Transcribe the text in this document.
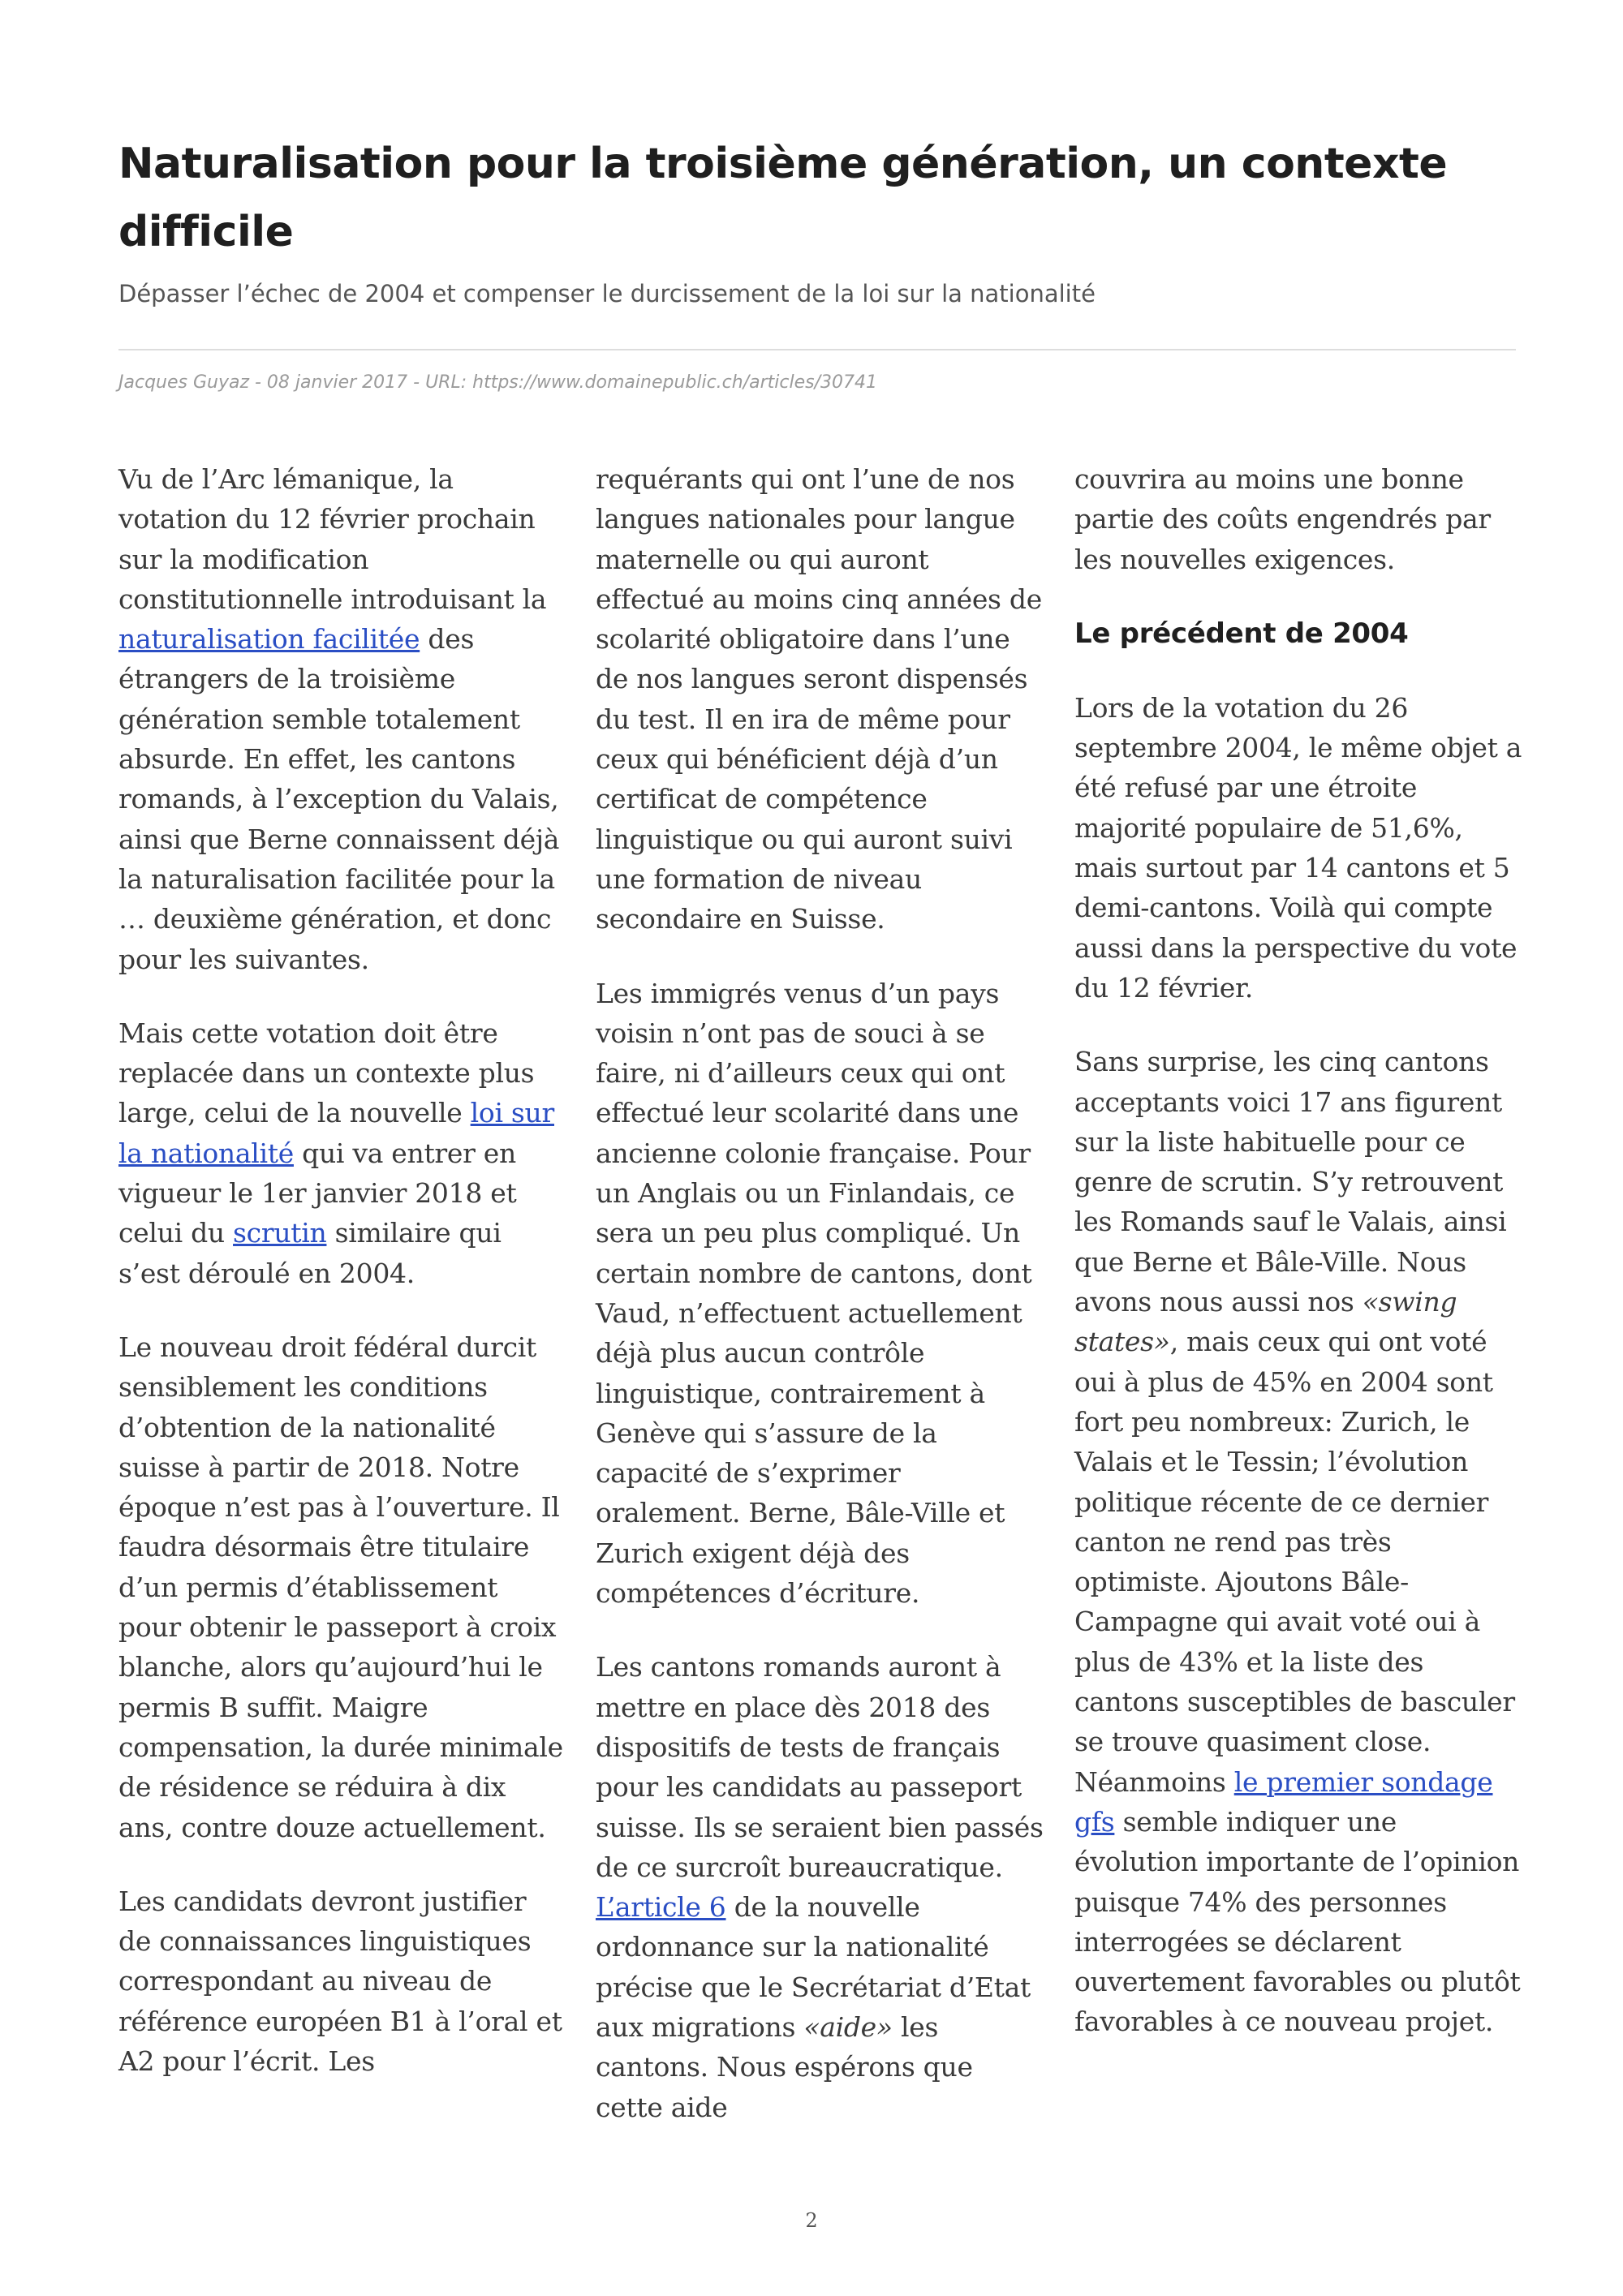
Naturalisation pour la troisième génération, un contexte difficile

Dépasser l’échec de 2004 et compenser le durcissement de la loi sur la nationalité

Jacques Guyaz - 08 janvier 2017 - URL: https://www.domainepublic.ch/articles/30741

Vu de l’Arc lémanique, la votation du 12 février prochain sur la modification constitutionnelle introduisant la naturalisation facilitée des étrangers de la troisième génération semble totalement absurde. En effet, les cantons romands, à l’exception du Valais, ainsi que Berne connaissent déjà la naturalisation facilitée pour la … deuxième génération, et donc pour les suivantes.

Mais cette votation doit être replacée dans un contexte plus large, celui de la nouvelle loi sur la nationalité qui va entrer en vigueur le 1er janvier 2018 et celui du scrutin similaire qui s’est déroulé en 2004.

Le nouveau droit fédéral durcit sensiblement les conditions d’obtention de la nationalité suisse à partir de 2018. Notre époque n’est pas à l’ouverture. Il faudra désormais être titulaire d’un permis d’établissement pour obtenir le passeport à croix blanche, alors qu’aujourd’hui le permis B suffit. Maigre compensation, la durée minimale de résidence se réduira à dix ans, contre douze actuellement.

Les candidats devront justifier de connaissances linguistiques correspondant au niveau de référence européen B1 à l’oral et A2 pour l’écrit. Les

requérants qui ont l’une de nos langues nationales pour langue maternelle ou qui auront effectué au moins cinq années de scolarité obligatoire dans l’une de nos langues seront dispensés du test. Il en ira de même pour ceux qui bénéficient déjà d’un certificat de compétence linguistique ou qui auront suivi une formation de niveau secondaire en Suisse.

Les immigrés venus d’un pays voisin n’ont pas de souci à se faire, ni d’ailleurs ceux qui ont effectué leur scolarité dans une ancienne colonie française. Pour un Anglais ou un Finlandais, ce sera un peu plus compliqué. Un certain nombre de cantons, dont Vaud, n’effectuent actuellement déjà plus aucun contrôle linguistique, contrairement à Genève qui s’assure de la capacité de s’exprimer oralement. Berne, Bâle-Ville et Zurich exigent déjà des compétences d’écriture.

Les cantons romands auront à mettre en place dès 2018 des dispositifs de tests de français pour les candidats au passeport suisse. Ils se seraient bien passés de ce surcroît bureaucratique. L’article 6 de la nouvelle ordonnance sur la nationalité précise que le Secrétariat d’Etat aux migrations «aide» les cantons. Nous espérons que cette aide

couvrira au moins une bonne partie des coûts engendrés par les nouvelles exigences.

Le précédent de 2004

Lors de la votation du 26 septembre 2004, le même objet a été refusé par une étroite majorité populaire de 51,6%, mais surtout par 14 cantons et 5 demi-cantons. Voilà qui compte aussi dans la perspective du vote du 12 février.

Sans surprise, les cinq cantons acceptants voici 17 ans figurent sur la liste habituelle pour ce genre de scrutin. S’y retrouvent les Romands sauf le Valais, ainsi que Berne et Bâle-Ville. Nous avons nous aussi nos «swing states», mais ceux qui ont voté oui à plus de 45% en 2004 sont fort peu nombreux: Zurich, le Valais et le Tessin; l’évolution politique récente de ce dernier canton ne rend pas très optimiste. Ajoutons Bâle-Campagne qui avait voté oui à plus de 43% et la liste des cantons susceptibles de basculer se trouve quasiment close. Néanmoins le premier sondage gfs semble indiquer une évolution importante de l’opinion puisque 74% des personnes interrogées se déclarent ouvertement favorables ou plutôt favorables à ce nouveau projet.

2
